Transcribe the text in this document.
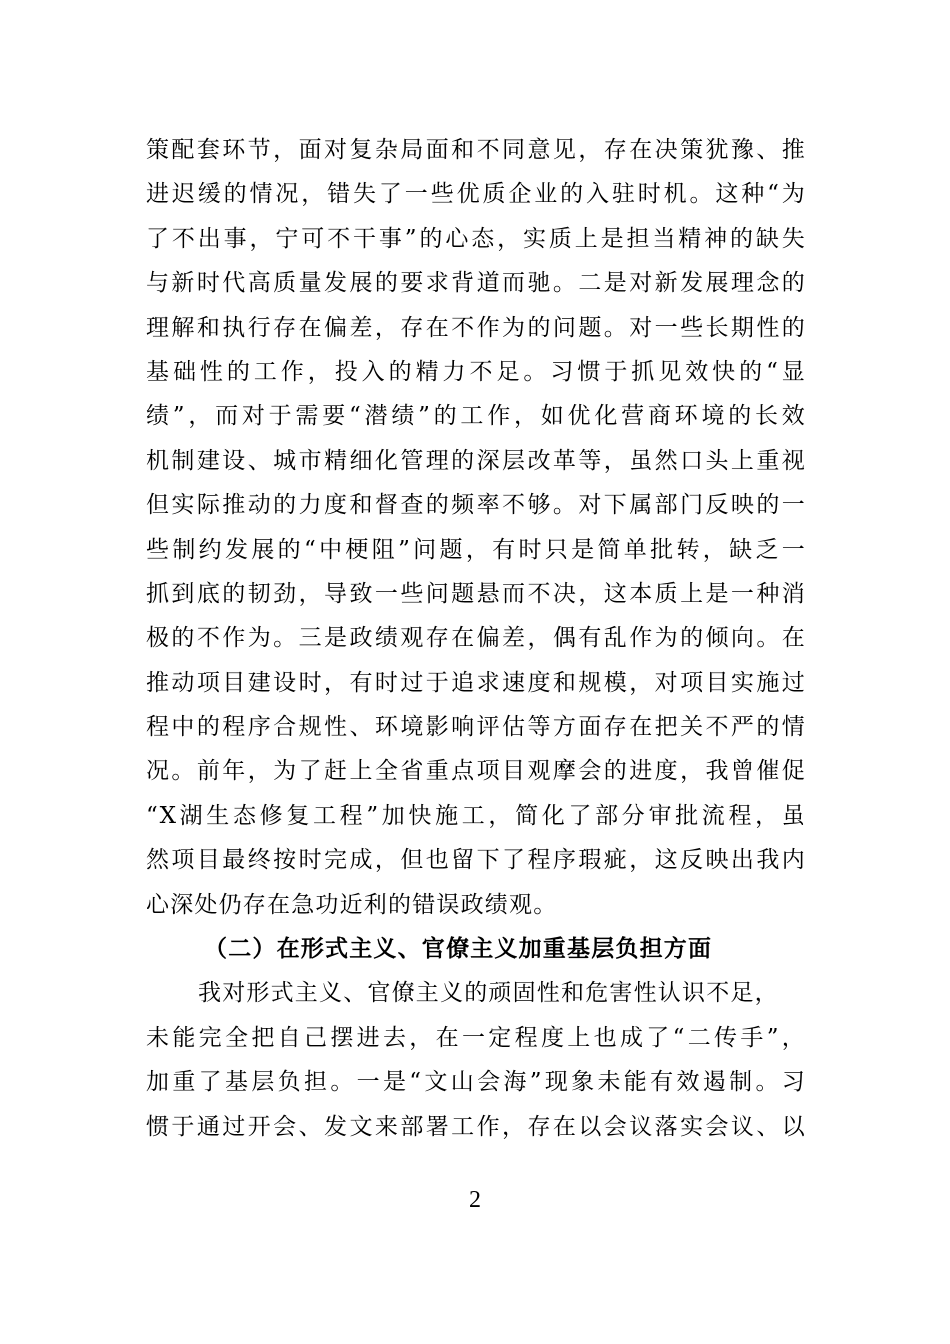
策配套环节，面对复杂局面和不同意见，存在决策犹豫、推
进迟缓的情况，错失了一些优质企业的入驻时机。这种“为
了不出事，宁可不干事”的心态，实质上是担当精神的缺失
与新时代高质量发展的要求背道而驰。二是对新发展理念的
理解和执行存在偏差，存在不作为的问题。对一些长期性的
基础性的工作，投入的精力不足。习惯于抓见效快的“显
绩”，而对于需要“潜绩”的工作，如优化营商环境的长效
机制建设、城市精细化管理的深层改革等，虽然口头上重视
但实际推动的力度和督查的频率不够。对下属部门反映的一
些制约发展的“中梗阻”问题，有时只是简单批转，缺乏一
抓到底的韧劲，导致一些问题悬而不决，这本质上是一种消
极的不作为。三是政绩观存在偏差，偶有乱作为的倾向。在
推动项目建设时，有时过于追求速度和规模，对项目实施过
程中的程序合规性、环境影响评估等方面存在把关不严的情
况。前年，为了赶上全省重点项目观摩会的进度，我曾催促
“X湖生态修复工程”加快施工，简化了部分审批流程，虽
然项目最终按时完成，但也留下了程序瑕疵，这反映出我内
心深处仍存在急功近利的错误政绩观。
（二）在形式主义、官僚主义加重基层负担方面
我对形式主义、官僚主义的顽固性和危害性认识不足，
未能完全把自己摆进去，在一定程度上也成了“二传手”，
加重了基层负担。一是“文山会海”现象未能有效遏制。习
惯于通过开会、发文来部署工作，存在以会议落实会议、以
2
